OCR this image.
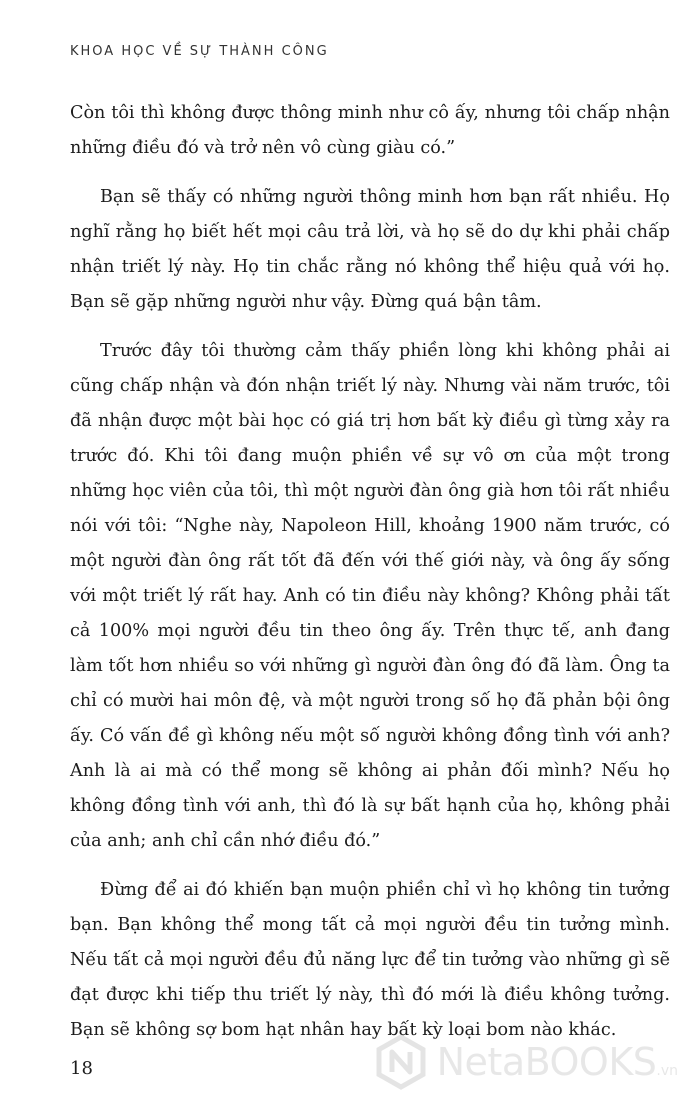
KHOA HỌC VỀ SỰ THÀNH CÔNG

Còn tôi thì không được thông minh như cô ấy, nhưng tôi chấp nhận những điều đó và trở nên vô cùng giàu có.”

Bạn sẽ thấy có những người thông minh hơn bạn rất nhiều. Họ nghĩ rằng họ biết hết mọi câu trả lời, và họ sẽ do dự khi phải chấp nhận triết lý này. Họ tin chắc rằng nó không thể hiệu quả với họ. Bạn sẽ gặp những người như vậy. Đừng quá bận tâm.

Trước đây tôi thường cảm thấy phiền lòng khi không phải ai cũng chấp nhận và đón nhận triết lý này. Nhưng vài năm trước, tôi đã nhận được một bài học có giá trị hơn bất kỳ điều gì từng xảy ra trước đó. Khi tôi đang muộn phiền về sự vô ơn của một trong những học viên của tôi, thì một người đàn ông già hơn tôi rất nhiều nói với tôi: “Nghe này, Napoleon Hill, khoảng 1900 năm trước, có một người đàn ông rất tốt đã đến với thế giới này, và ông ấy sống với một triết lý rất hay. Anh có tin điều này không? Không phải tất cả 100% mọi người đều tin theo ông ấy. Trên thực tế, anh đang làm tốt hơn nhiều so với những gì người đàn ông đó đã làm. Ông ta chỉ có mười hai môn đệ, và một người trong số họ đã phản bội ông ấy. Có vấn đề gì không nếu một số người không đồng tình với anh? Anh là ai mà có thể mong sẽ không ai phản đối mình? Nếu họ không đồng tình với anh, thì đó là sự bất hạnh của họ, không phải của anh; anh chỉ cần nhớ điều đó.”

Đừng để ai đó khiến bạn muộn phiền chỉ vì họ không tin tưởng bạn. Bạn không thể mong tất cả mọi người đều tin tưởng mình. Nếu tất cả mọi người đều đủ năng lực để tin tưởng vào những gì sẽ đạt được khi tiếp thu triết lý này, thì đó mới là điều không tưởng. Bạn sẽ không sợ bom hạt nhân hay bất kỳ loại bom nào khác.

18	NetaBOOKS.vn
